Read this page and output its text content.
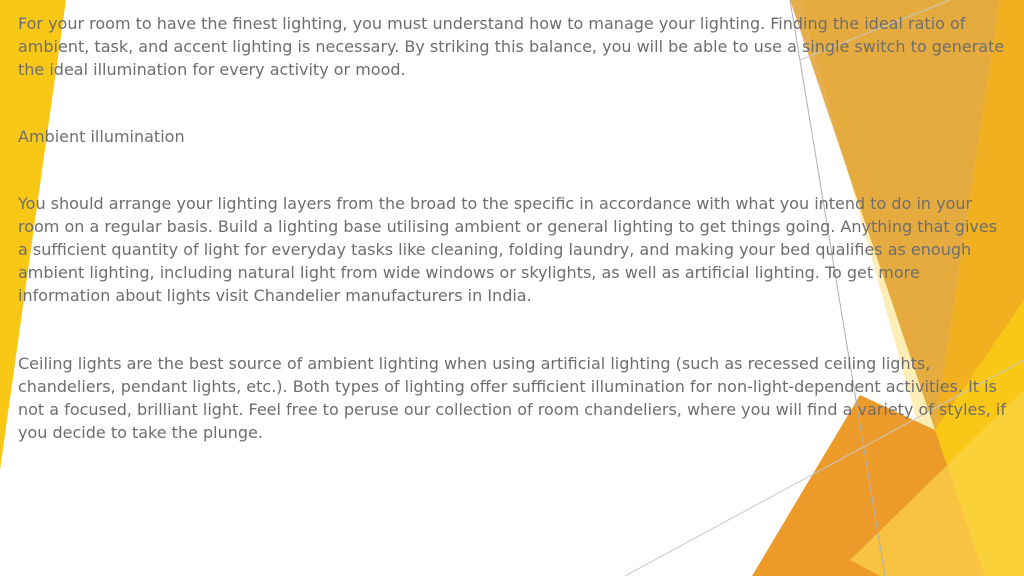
For your room to have the finest lighting, you must understand how to manage your lighting. Finding the ideal ratio of ambient, task, and accent lighting is necessary. By striking this balance, you will be able to use a single switch to generate the ideal illumination for every activity or mood.

Ambient illumination

You should arrange your lighting layers from the broad to the specific in accordance with what you intend to do in your room on a regular basis. Build a lighting base utilising ambient or general lighting to get things going. Anything that gives a sufficient quantity of light for everyday tasks like cleaning, folding laundry, and making your bed qualifies as enough ambient lighting, including natural light from wide windows or skylights, as well as artificial lighting. To get more information about lights visit Chandelier manufacturers in India.

Ceiling lights are the best source of ambient lighting when using artificial lighting (such as recessed ceiling lights, chandeliers, pendant lights, etc.). Both types of lighting offer sufficient illumination for non-light-dependent activities. It is not a focused, brilliant light. Feel free to peruse our collection of room chandeliers, where you will find a variety of styles, if you decide to take the plunge.
